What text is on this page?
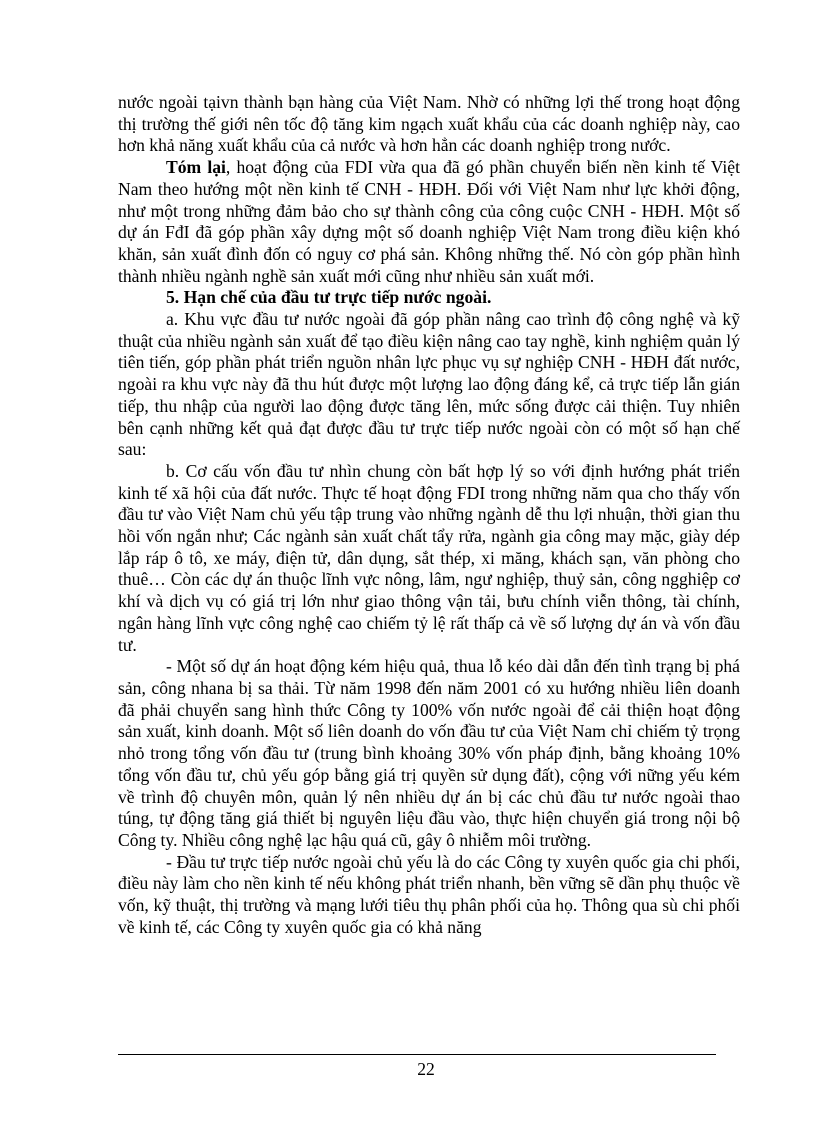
nước ngoài tạivn thành bạn hàng của Việt Nam. Nhờ có những lợi thế trong hoạt động thị trường thế giới nên tốc độ tăng kim ngạch xuất khẩu của các doanh nghiệp này, cao hơn khả năng xuất khẩu của cả nước và hơn hẳn các doanh nghiệp trong nước.

Tóm lại, hoạt động của FDI vừa qua đã gó phần chuyển biến nền kinh tế Việt Nam theo hướng một nền kinh tế CNH - HĐH. Đối với Việt Nam như lực khởi động, như một trong những đảm bảo cho sự thành công của công cuộc CNH - HĐH. Một số dự án FđI đã góp phần xây dựng một số doanh nghiệp Việt Nam trong điều kiện khó khăn, sản xuất đình đốn có nguy cơ phá sản. Không những thế. Nó còn góp phần hình thành nhiều ngành nghề sản xuất mới cũng như nhiều sản xuất mới.

5. Hạn chế của đầu tư trực tiếp nước ngoài.

a. Khu vực đầu tư nước ngoài đã góp phần nâng cao trình độ công nghệ và kỹ thuật của nhiều ngành sản xuất để tạo điều kiện nâng cao tay nghề, kinh nghiệm quản lý tiên tiến, góp phần phát triển nguồn nhân lực phục vụ sự nghiệp CNH - HĐH đất nước, ngoài ra khu vực này đã thu hút được một lượng lao động đáng kể, cả trực tiếp lẫn gián tiếp, thu nhập của người lao động được tăng lên, mức sống được cải thiện. Tuy nhiên bên cạnh những kết quả đạt được đầu tư trực tiếp nước ngoài còn có một số hạn chế sau:

b. Cơ cấu vốn đầu tư nhìn chung còn bất hợp lý so với định hướng phát triển kinh tế xã hội của đất nước. Thực tế hoạt động FDI trong những năm qua cho thấy vốn đầu tư vào Việt Nam chủ yếu tập trung vào những ngành dễ thu lợi nhuận, thời gian thu hồi vốn ngắn như; Các ngành sản xuất chất tẩy rửa, ngành gia công may mặc, giày dép lắp ráp ô tô, xe máy, điện tử, dân dụng, sắt thép, xi măng, khách sạn, văn phòng cho thuê… Còn các dự án thuộc lĩnh vực nông, lâm, ngư nghiệp, thuỷ sản, công ngghiệp cơ khí và dịch vụ có giá trị lớn như giao thông vận tải, bưu chính viễn thông, tài chính, ngân hàng lĩnh vực công nghệ cao chiếm tỷ lệ rất thấp cả về số lượng dự án và vốn đầu tư.

- Một số dự án hoạt động kém hiệu quả, thua lỗ kéo dài dẫn đến tình trạng bị phá sản, công nhana bị sa thải. Từ năm 1998 đến năm 2001 có xu hướng nhiều liên doanh đã phải chuyển sang hình thức Công ty 100% vốn nước ngoài để cải thiện hoạt động sản xuất, kinh doanh. Một số liên doanh do vốn đầu tư của Việt Nam chỉ chiếm tỷ trọng nhỏ trong tổng vốn đầu tư (trung bình khoảng 30% vốn pháp định, bằng khoảng 10% tổng vốn đầu tư, chủ yếu góp bằng giá trị quyền sử dụng đất), cộng với nững yếu kém về trình độ chuyên môn, quản lý nên nhiều dự án bị các chủ đầu tư nước ngoài thao túng, tự động tăng giá thiết bị nguyên liệu đầu vào, thực hiện chuyển giá trong nội bộ Công ty. Nhiều công nghệ lạc hậu quá cũ, gây ô nhiễm môi trường.

- Đầu tư trực tiếp nước ngoài chủ yếu là do các Công ty xuyên quốc gia chi phối, điều này làm cho nền kinh tế nếu không phát triển nhanh, bền vững sẽ dần phụ thuộc về vốn, kỹ thuật, thị trường và mạng lưới tiêu thụ phân phối của họ. Thông qua sù chi phối về kinh tế, các Công ty xuyên quốc gia có khả năng

22
